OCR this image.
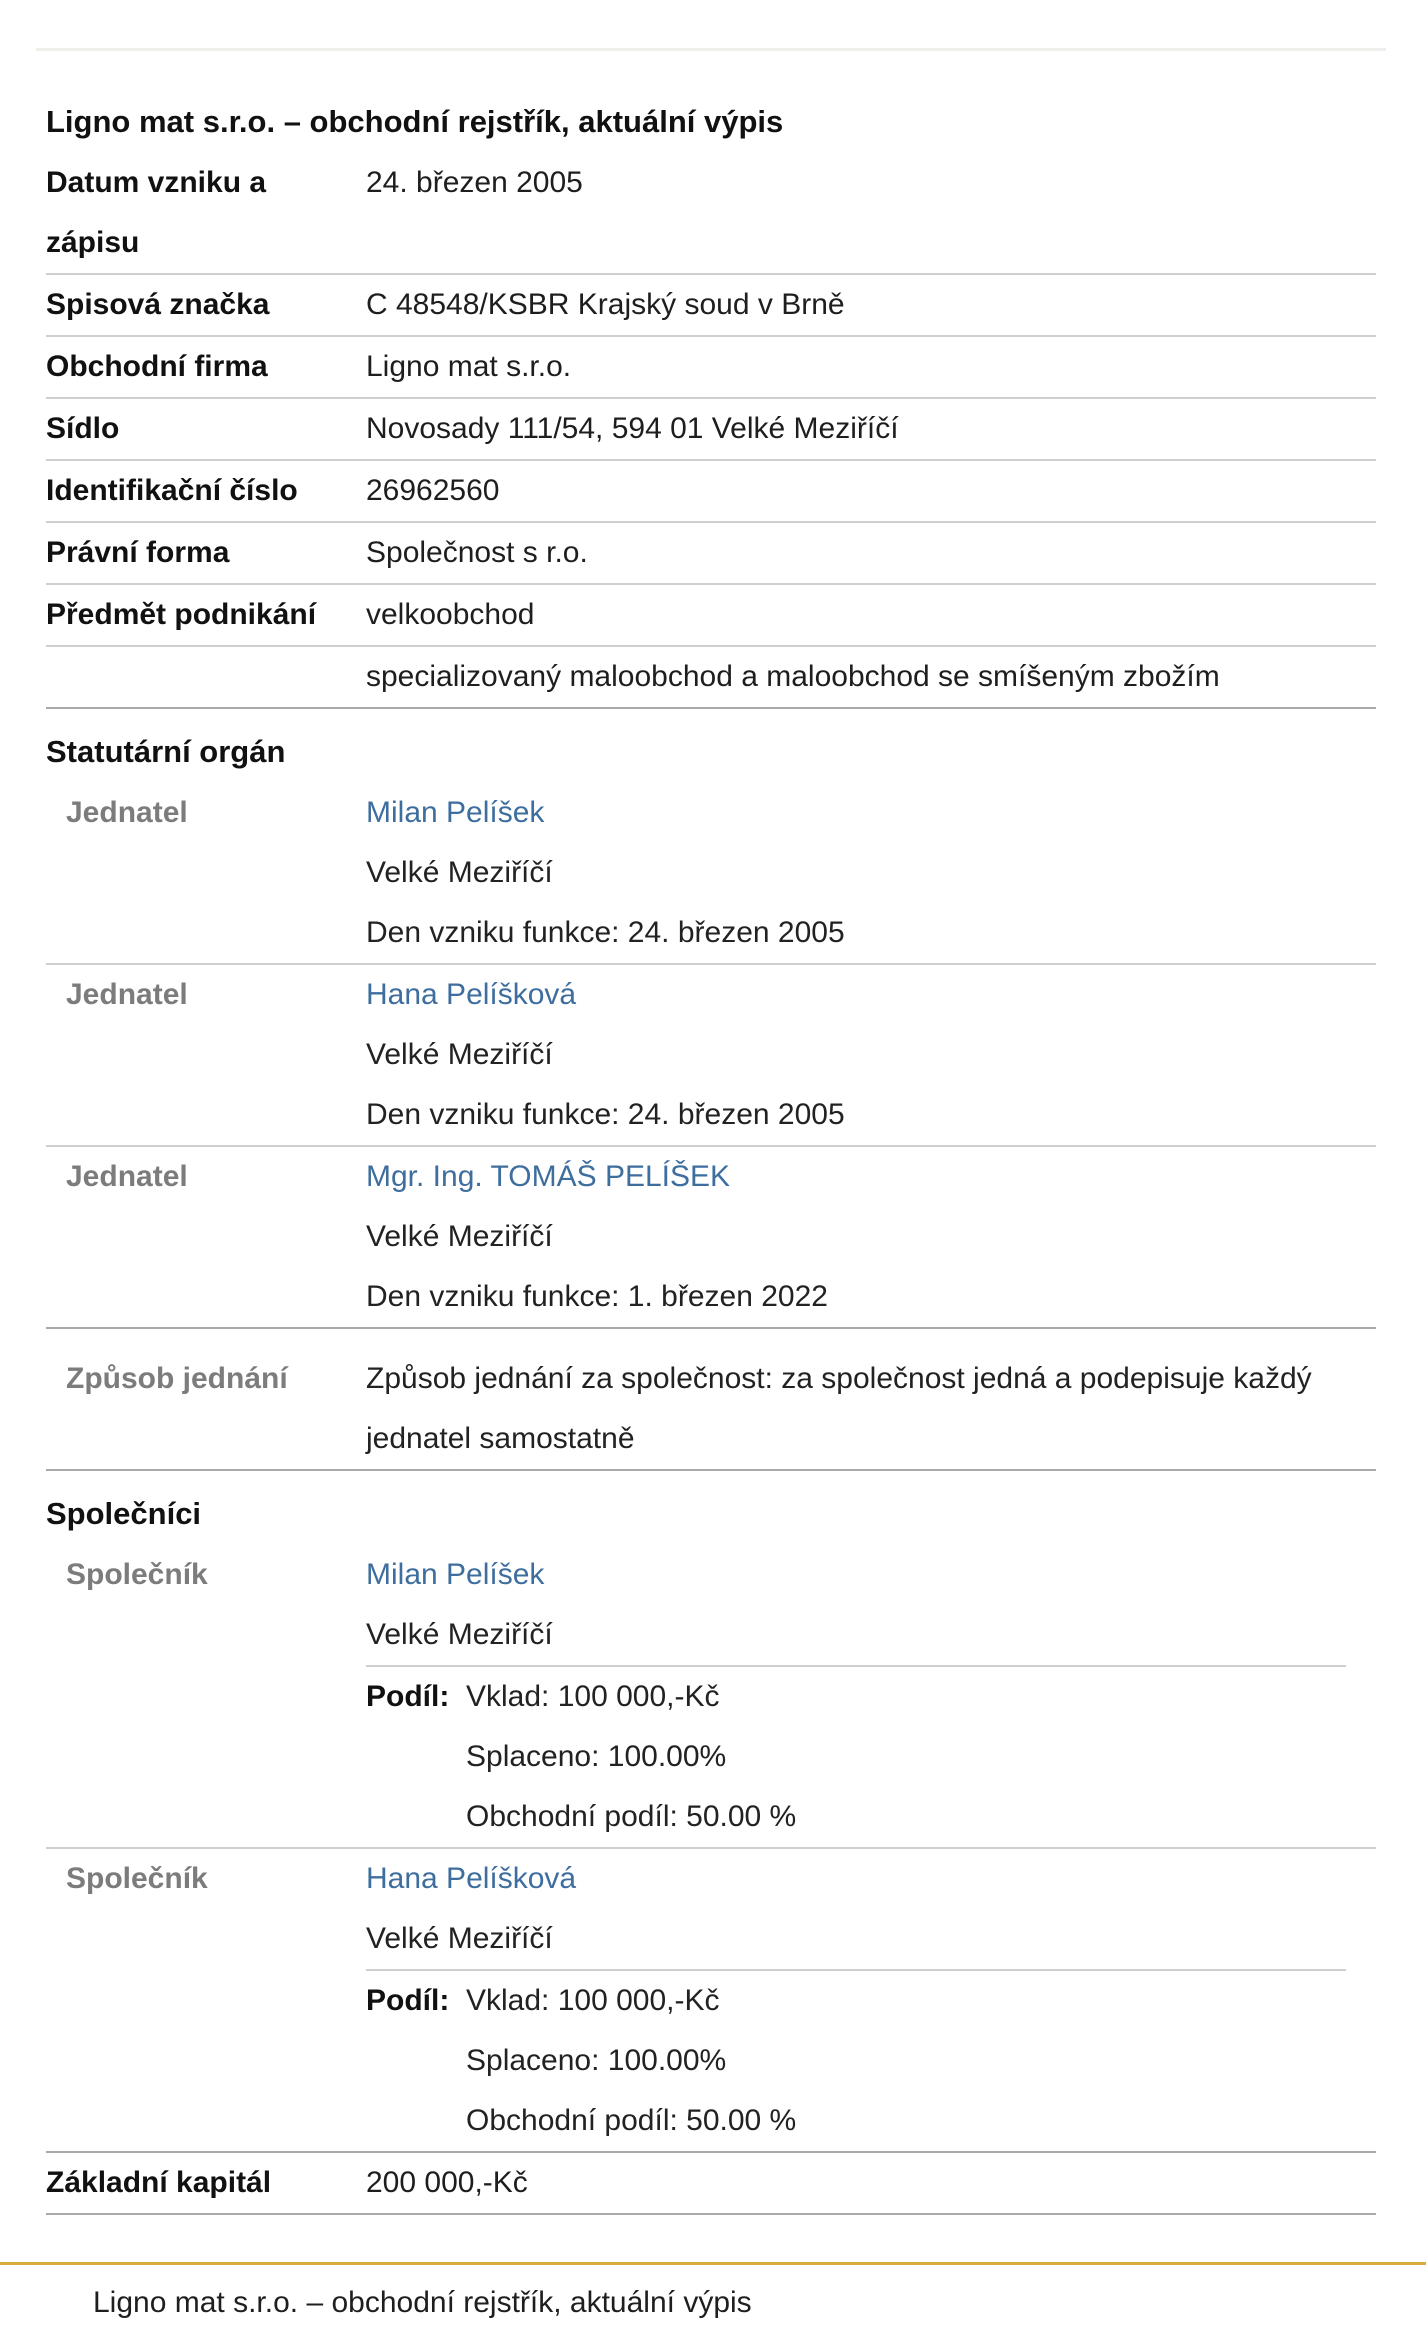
Ligno mat s.r.o. – obchodní rejstřík, aktuální výpis
Datum vzniku a zápisu
24. březen 2005
Spisová značka	C 48548/KSBR Krajský soud v Brně
Obchodní firma	Ligno mat s.r.o.
Sídlo	Novosady 111/54, 594 01 Velké Meziříčí
Identifikační číslo	26962560
Právní forma	Společnost s r.o.
Předmět podnikání	velkoobchod
specializovaný maloobchod a maloobchod se smíšeným zbožím
Statutární orgán
Jednatel	Milan Pelíšek
Velké Meziříčí
Den vzniku funkce: 24. březen 2005
Jednatel	Hana Pelíšková
Velké Meziříčí
Den vzniku funkce: 24. březen 2005
Jednatel	Mgr. Ing. TOMÁŠ PELÍŠEK
Velké Meziříčí
Den vzniku funkce: 1. březen 2022
Způsob jednání	Způsob jednání za společnost: za společnost jedná a podepisuje každý jednatel samostatně
Společníci
Společník	Milan Pelíšek
Velké Meziříčí
Podíl: Vklad: 100 000,-Kč
Splaceno: 100.00%
Obchodní podíl: 50.00 %
Společník	Hana Pelíšková
Velké Meziříčí
Podíl: Vklad: 100 000,-Kč
Splaceno: 100.00%
Obchodní podíl: 50.00 %
Základní kapitál	200 000,-Kč
Ligno mat s.r.o. – obchodní rejstřík, aktuální výpis
